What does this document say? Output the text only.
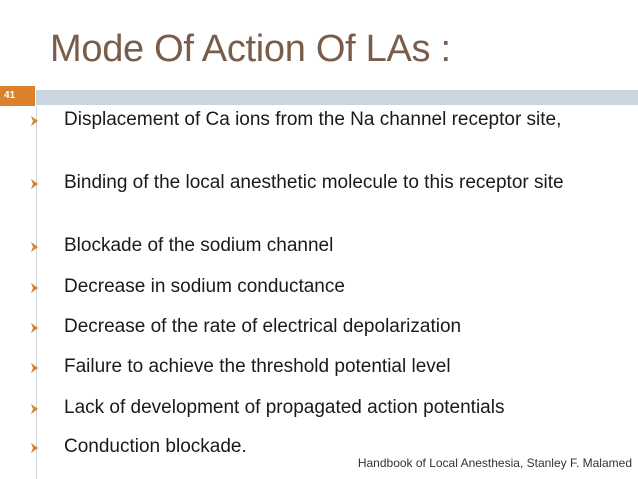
Mode Of Action Of LAs :
41
Displacement of Ca ions from the Na channel receptor site,
Binding of the local anesthetic molecule to this receptor site
Blockade of the sodium channel
Decrease in sodium conductance
Decrease of the rate of electrical depolarization
Failure to achieve the threshold potential level
Lack of development of propagated action potentials
Conduction blockade.
Handbook of Local Anesthesia, Stanley F. Malamed
